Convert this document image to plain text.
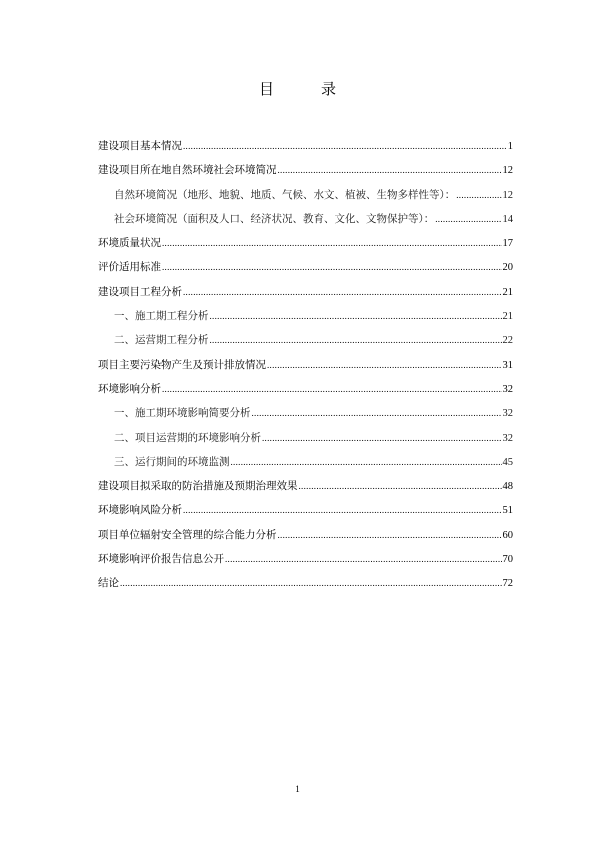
目　录
建设项目基本情况 .....	1
建设项目所在地自然环境社会环境简况 .....	12
自然环境简况（地形、地貌、地质、气候、水文、植被、生物多样性等）： .....	12
社会环境简况（面积及人口、经济状况、教育、文化、文物保护等）： .....	14
环境质量状况 .....	17
评价适用标准 .....	20
建设项目工程分析 .....	21
一、施工期工程分析 .....	21
二、运营期工程分析 .....	22
项目主要污染物产生及预计排放情况 .....	31
环境影响分析 .....	32
一、施工期环境影响简要分析 .....	32
二、项目运营期的环境影响分析 .....	32
三、运行期间的环境监测 .....	45
建设项目拟采取的防治措施及预期治理效果 .....	48
环境影响风险分析 .....	51
项目单位辐射安全管理的综合能力分析 .....	60
环境影响评价报告信息公开 .....	70
结论 .....	72
1
